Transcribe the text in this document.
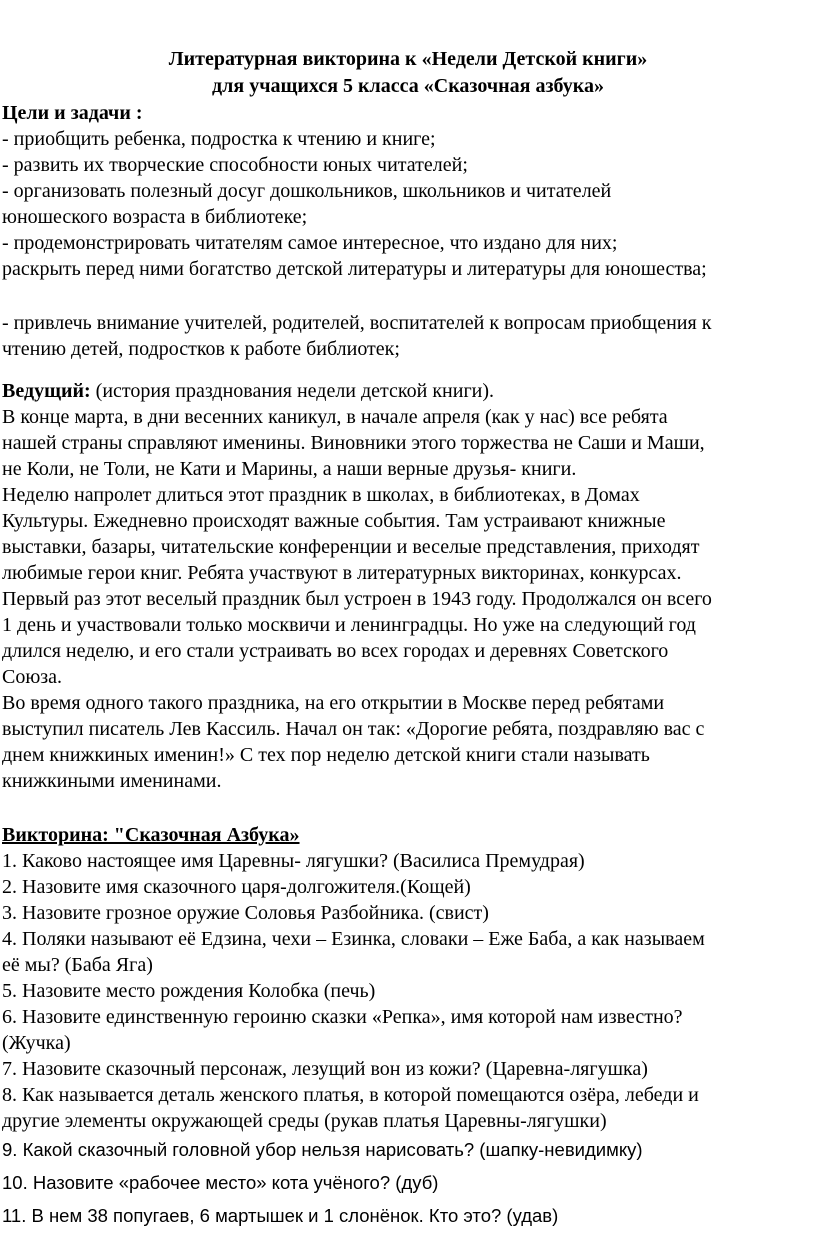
Литературная викторина к «Недели Детской книги»
для учащихся 5 класса «Сказочная азбука»
Цели и задачи :
- приобщить ребенка, подростка к чтению и книге;
- развить их творческие способности юных читателей;
- организовать полезный досуг дошкольников, школьников и читателей
юношеского возраста в библиотеке;
- продемонстрировать читателям самое интересное, что издано для них;
раскрыть перед ними богатство детской литературы и литературы для юношества;
- привлечь внимание учителей, родителей, воспитателей к вопросам приобщения к
чтению детей, подростков к работе библиотек;
Ведущий: (история празднования недели детской книги).
В конце марта, в дни весенних каникул, в начале апреля (как у нас) все ребята
нашей страны справляют именины. Виновники этого торжества не Саши и Маши,
не Коли, не Толи, не Кати и Марины, а наши верные друзья- книги.
Неделю напролет длиться этот праздник в школах, в библиотеках, в Домах
Культуры. Ежедневно происходят важные события. Там устраивают книжные
выставки, базары, читательские конференции и веселые представления, приходят
любимые герои книг. Ребята участвуют в литературных викторинах, конкурсах.
Первый раз этот веселый праздник был устроен в 1943 году. Продолжался он всего
1 день и участвовали только москвичи и ленинградцы. Но уже на следующий год
длился неделю, и его стали устраивать во всех городах и деревнях Советского
Союза.
Во время одного такого праздника, на его открытии в Москве перед ребятами
выступил писатель Лев Кассиль. Начал он так: «Дорогие ребята, поздравляю вас с
днем книжкиных именин!» С тех пор неделю детской книги стали называть
книжкиными именинами.
Викторина: "Сказочная Азбука»
1. Каково настоящее имя Царевны- лягушки? (Василиса Премудрая)
2. Назовите имя сказочного царя-долгожителя.(Кощей)
3. Назовите грозное оружие Соловья Разбойника. (свист)
4. Поляки называют её Едзина, чехи – Езинка, словаки – Еже Баба, а как называем
её мы? (Баба Яга)
5. Назовите место рождения Колобка (печь)
6. Назовите единственную героиню сказки «Репка», имя которой нам известно?
(Жучка)
7. Назовите сказочный персонаж, лезущий вон из кожи? (Царевна-лягушка)
8. Как называется деталь женского платья, в которой помещаются озёра, лебеди и
другие элементы окружающей среды (рукав платья Царевны-лягушки)
9. Какой сказочный головной убор нельзя нарисовать? (шапку-невидимку)
10. Назовите «рабочее место» кота учёного? (дуб)
11. В нем 38 попугаев, 6 мартышек и 1 слонёнок. Кто это? (удав)
